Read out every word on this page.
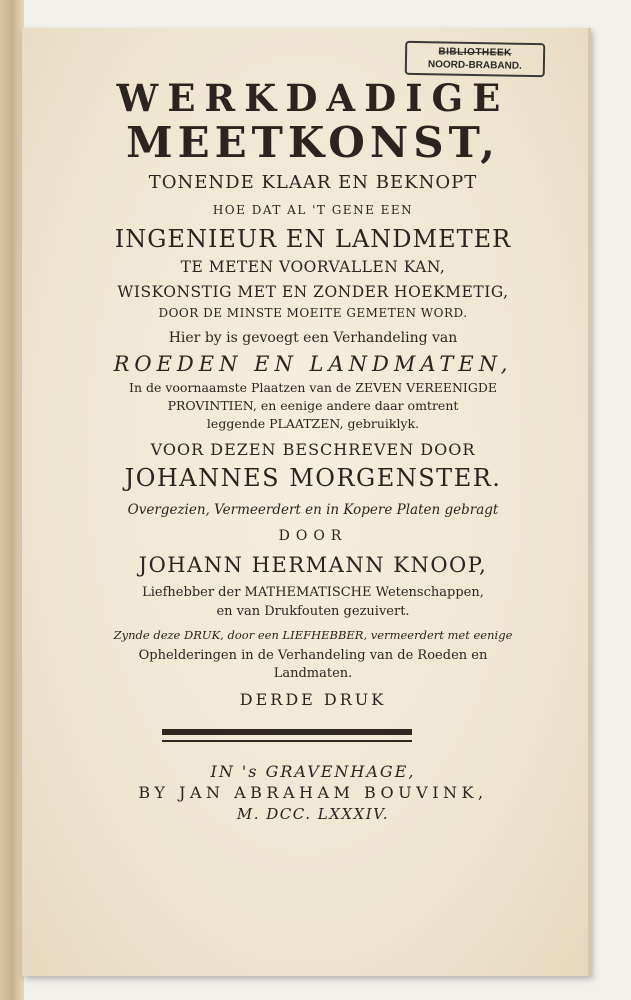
BIBLIOTHEEK
NOORD-BRABAND.
WERKDADIGE
MEETKONST,
TONENDE KLAAR EN BEKNOPT
HOE DAT AL 'T GENE EEN
INGENIEUR EN LANDMETER
TE METEN VOORVALLEN KAN,
WISKONSTIG MET EN ZONDER HOEKMETIG,
DOOR DE MINSTE MOEITE GEMETEN WORD.
Hier by is gevoegt een Verhandeling van
ROEDEN EN LANDMATEN,
In de voornaamste Plaatzen van de ZEVEN VEREENIGDE
PROVINTIEN, en eenige andere daar omtrent
leggende PLAATZEN, gebruiklyk.
VOOR DEZEN BESCHREVEN DOOR
JOHANNES MORGENSTER.
Overgezien, Vermeerdert en in Kopere Platen gebragt
DOOR
JOHANN HERMANN KNOOP,
Liefhebber der MATHEMATISCHE Wetenschappen,
en van Drukfouten gezuivert.
Zynde deze DRUK, door een LIEFHEBBER, vermeerdert met eenige
Ophelderingen in de Verhandeling van de Roeden en
Landmaten.
DERDE DRUK
IN 's GRAVENHAGE,
BY JAN ABRAHAM BOUVINK,
M. DCC. LXXXIV.
